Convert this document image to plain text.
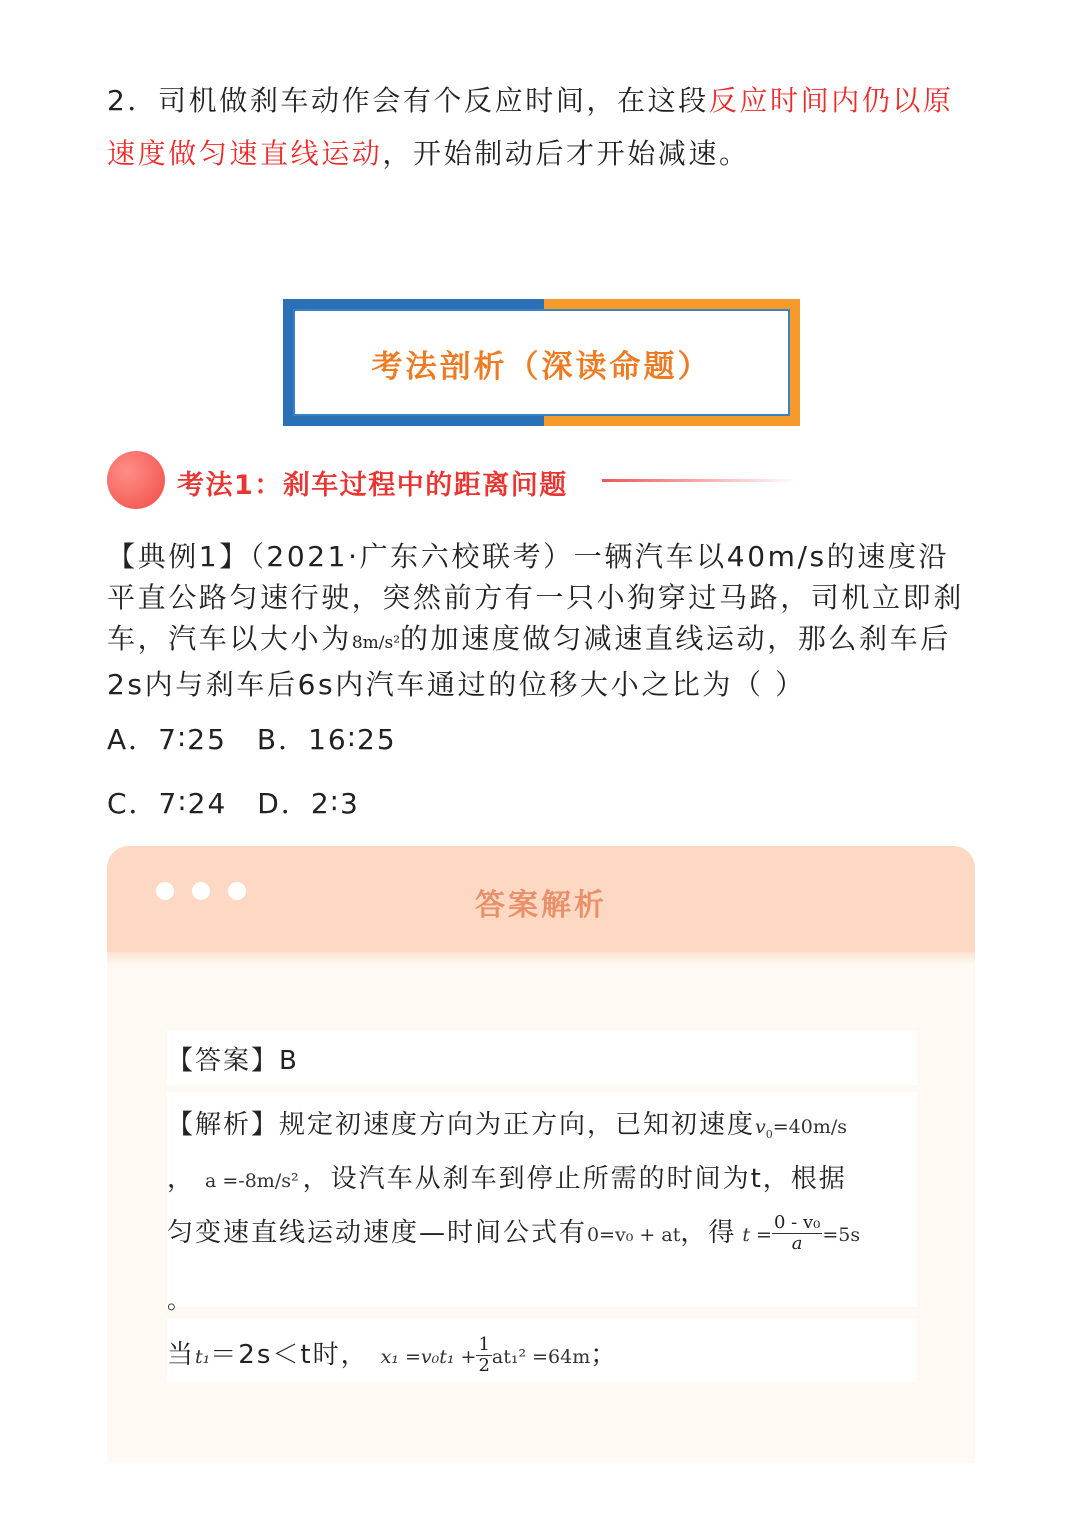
2．司机做刹车动作会有个反应时间，在这段反应时间内仍以原速度做匀速直线运动，开始制动后才开始减速。
考法剖析（深读命题）
考法1：刹车过程中的距离问题
【典例1】（2021·广东六校联考）一辆汽车以40m/s的速度沿平直公路匀速行驶，突然前方有一只小狗穿过马路，司机立即刹车，汽车以大小为8m/s²的加速度做匀减速直线运动，那么刹车后2s内与刹车后6s内汽车通过的位移大小之比为（ ）
A．7∶25　B．16∶25
C．7∶24　D．2∶3
答案解析
【答案】B
【解析】规定初速度方向为正方向，已知初速度$v_0=40m/s$
， a =-8m/s² ，设汽车从刹车到停止所需的时间为t，根据
匀变速直线运动速度—时间公式有0=v₀ + at，得 $t = \frac{\text{0 - v₀}}{a} =5s$
。
当t₁＝2s＜t时， $x_1 =v_0t_1 + \frac{1}{2} at_1^2 =64m$；
